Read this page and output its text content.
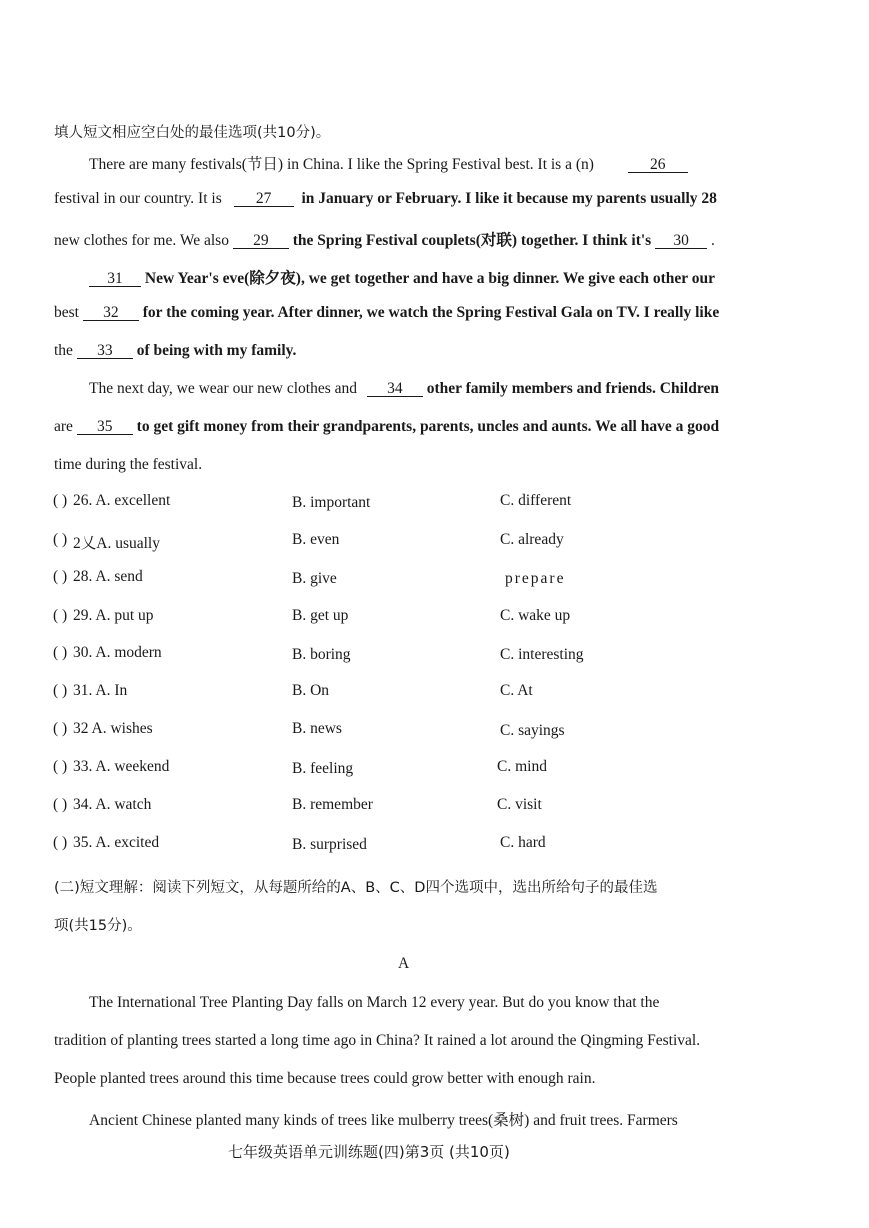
填人短文相应空白处的最佳选项(共10分)。
There are many festivals(节日) in China. I like the Spring Festival best. It is a (n)	26
festival in our country. It is 27 in January or February. I like it because my parents usually 28
new clothes for me. We also 29 the Spring Festival couplets(对联) together. I think it's 30 .
31 New Year's eve(除夕夜), we get together and have a big dinner. We give each other our
best 32 for the coming year. After dinner, we watch the Spring Festival Gala on TV. I really like
the 33 of being with my family.
The next day, we wear our new clothes and 34 other family members and friends. Children
are 35 to get gift money from their grandparents, parents, uncles and aunts. We all have a good
time during the festival.
( ) 26. A. excellent	B. important	C. different
( ) 2乂A. usually	B. even	C. already
( ) 28. A. send	B. give	prepare
( ) 29. A. put up	B. get up	C. wake up
( ) 30. A. modern	B. boring	C. interesting
( ) 31. A. In	B. On	C. At
( ) 32 A. wishes	B. news	C. sayings
( ) 33. A. weekend	B. feeling	C. mind
( ) 34. A. watch	B. remember	C. visit
( ) 35. A. excited	B. surprised	C. hard
(二)短文理解：阅读下列短文，从每题所给的A、B、C、D四个选项中，选出所给句子的最佳选
项(共15分)。
A
The International Tree Planting Day falls on March 12 every year. But do you know that the
tradition of planting trees started a long time ago in China? It rained a lot around the Qingming Festival.
People planted trees around this time because trees could grow better with enough rain.
Ancient Chinese planted many kinds of trees like mulberry trees(桑树) and fruit trees. Farmers
七年级英语单元训练题(四)第3页 (共10页)
